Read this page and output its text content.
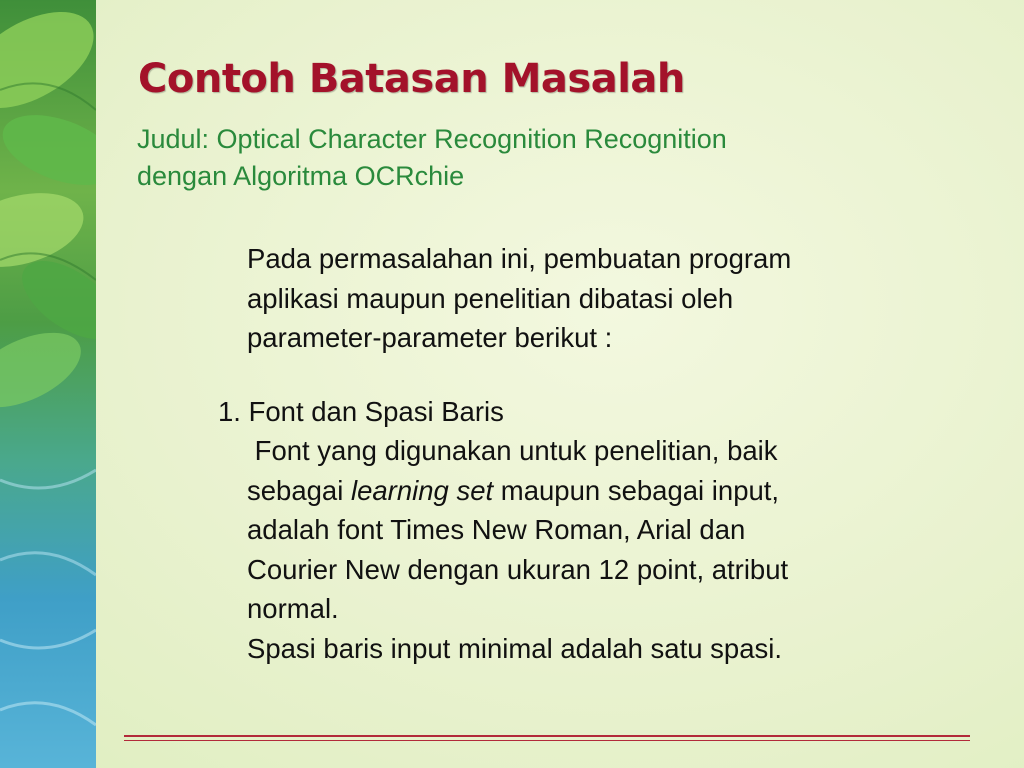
Contoh Batasan Masalah

Judul: Optical Character Recognition Recognition
dengan Algoritma OCRchie

Pada permasalahan ini, pembuatan program
aplikasi maupun penelitian dibatasi oleh
parameter-parameter berikut :

1. Font dan Spasi Baris

Font yang digunakan untuk penelitian, baik
sebagai learning set maupun sebagai input,
adalah font Times New Roman, Arial dan
Courier New dengan ukuran 12 point, atribut
normal.
Spasi baris input minimal adalah satu spasi.
